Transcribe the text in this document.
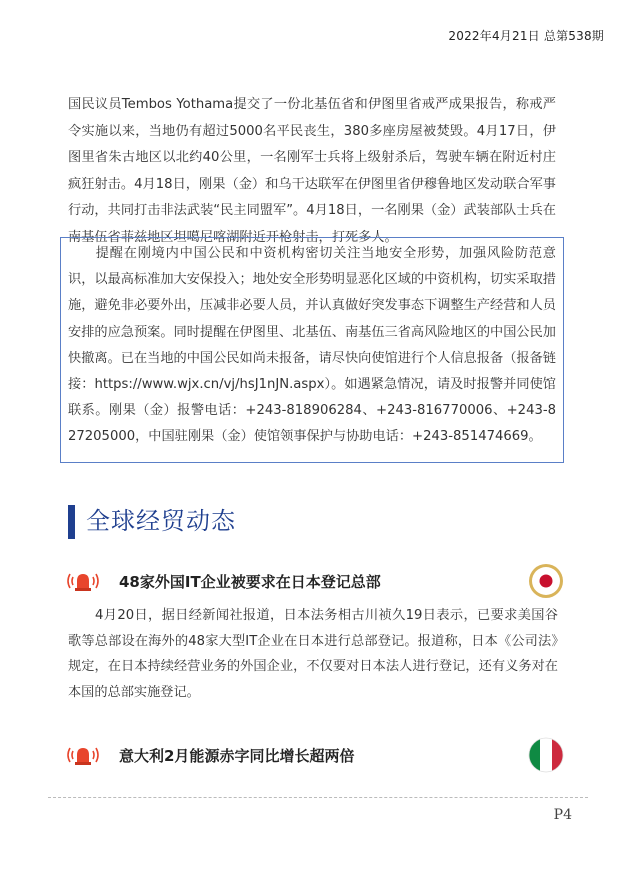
2022年4月21日 总第538期
国民议员Tembos Yothama提交了一份北基伍省和伊图里省戒严成果报告，称戒严令实施以来，当地仍有超过5000名平民丧生，380多座房屋被焚毁。4月17日，伊图里省朱古地区以北约40公里，一名刚军士兵将上级射杀后，驾驶车辆在附近村庄疯狂射击。4月18日，刚果（金）和乌干达联军在伊图里省伊穆鲁地区发动联合军事行动，共同打击非法武装“民主同盟军”。4月18日，一名刚果（金）武装部队士兵在南基伍省菲兹地区坦噶尼喀湖附近开枪射击，打死多人。
提醒在刚境内中国公民和中资机构密切关注当地安全形势，加强风险防范意识，以最高标准加大安保投入；地处安全形势明显恶化区域的中资机构，切实采取措施，避免非必要外出，压减非必要人员，并认真做好突发事态下调整生产经营和人员安排的应急预案。同时提醒在伊图里、北基伍、南基伍三省高风险地区的中国公民加快撤离。已在当地的中国公民如尚未报备，请尽快向使馆进行个人信息报备（报备链接：https://www.wjx.cn/vj/hsJ1nJN.aspx）。如遇紧急情况，请及时报警并同使馆联系。刚果（金）报警电话：+243-818906284、+243-816770006、+243-827205000，中国驻刚果（金）使馆领事保护与协助电话：+243-851474669。
全球经贸动态
48家外国IT企业被要求在日本登记总部
4月20日，据日经新闻社报道，日本法务相古川祯久19日表示，已要求美国谷歌等总部设在海外的48家大型IT企业在日本进行总部登记。报道称，日本《公司法》规定，在日本持续经营业务的外国企业，不仅要对日本法人进行登记，还有义务对在本国的总部实施登记。
意大利2月能源赤字同比增长超两倍
P4
